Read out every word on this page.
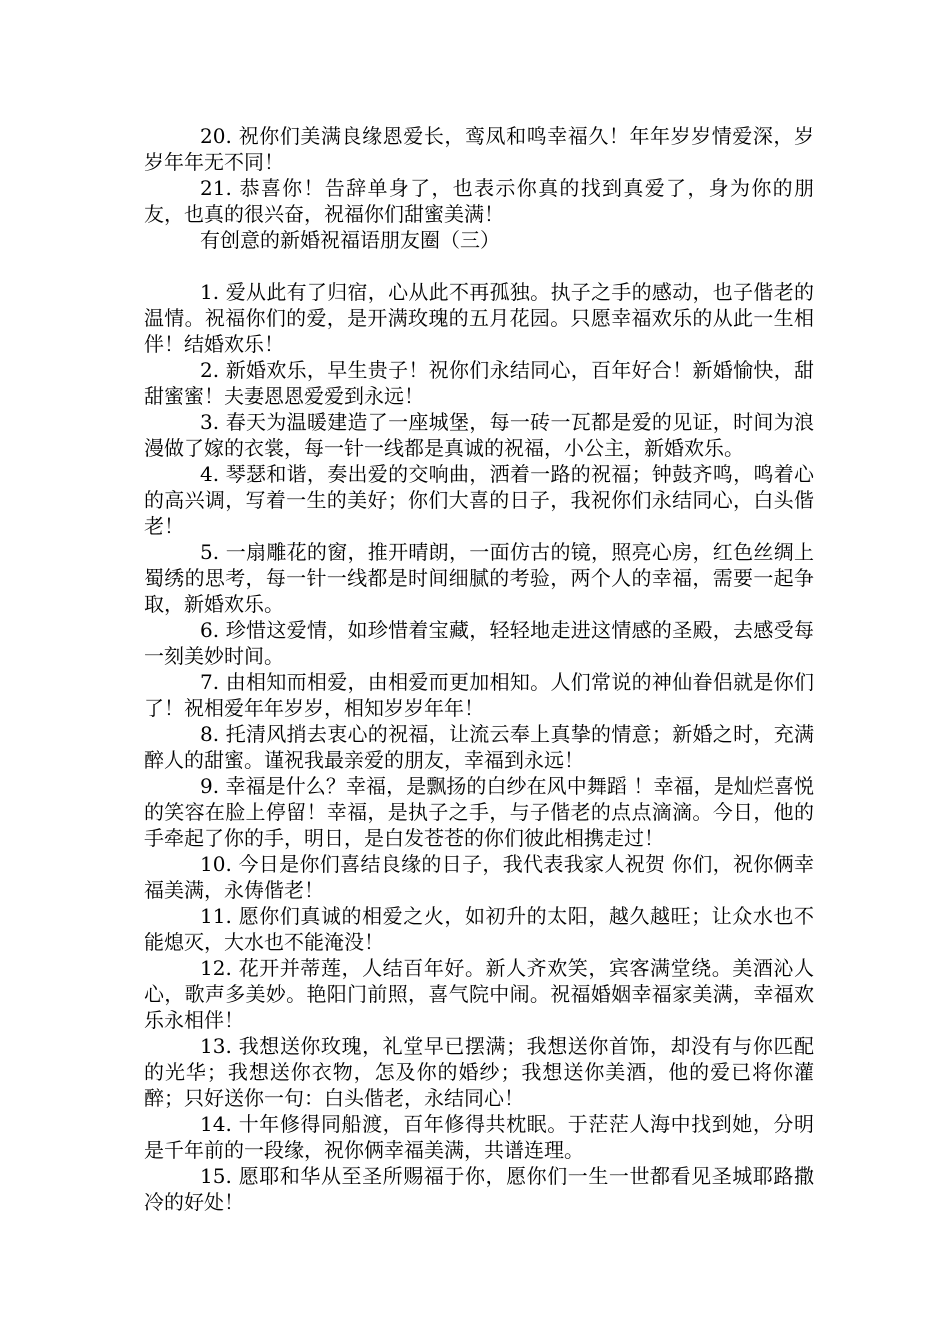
20. 祝你们美满良缘恩爱长，鸾凤和鸣幸福久！年年岁岁情爱深，岁岁年年无不同！

21. 恭喜你！告辞单身了，也表示你真的找到真爱了，身为你的朋友，也真的很兴奋，祝福你们甜蜜美满！

有创意的新婚祝福语朋友圈（三）

1. 爱从此有了归宿，心从此不再孤独。执子之手的感动，也子偕老的温情。祝福你们的爱，是开满玫瑰的五月花园。只愿幸福欢乐的从此一生相伴！结婚欢乐！

2. 新婚欢乐，早生贵子！祝你们永结同心，百年好合！新婚愉快，甜甜蜜蜜！夫妻恩恩爱爱到永远！

3. 春天为温暖建造了一座城堡，每一砖一瓦都是爱的见证，时间为浪漫做了嫁的衣裳，每一针一线都是真诚的祝福，小公主，新婚欢乐。

4. 琴瑟和谐，奏出爱的交响曲，洒着一路的祝福；钟鼓齐鸣，鸣着心的高兴调，写着一生的美好；你们大喜的日子，我祝你们永结同心，白头偕老！

5. 一扇雕花的窗，推开晴朗，一面仿古的镜，照亮心房，红色丝绸上蜀绣的思考，每一针一线都是时间细腻的考验，两个人的幸福，需要一起争取，新婚欢乐。

6. 珍惜这爱情，如珍惜着宝藏，轻轻地走进这情感的圣殿，去感受每一刻美妙时间。

7. 由相知而相爱，由相爱而更加相知。人们常说的神仙眷侣就是你们了！祝相爱年年岁岁，相知岁岁年年！

8. 托清风捎去衷心的祝福，让流云奉上真挚的情意；新婚之时，充满醉人的甜蜜。谨祝我最亲爱的朋友，幸福到永远！

9. 幸福是什么？幸福，是飘扬的白纱在风中舞蹈 ！幸福，是灿烂喜悦的笑容在脸上停留！幸福，是执子之手，与子偕老的点点滴滴。今日，他的手牵起了你的手，明日，是白发苍苍的你们彼此相携走过！

10. 今日是你们喜结良缘的日子，我代表我家人祝贺 你们，祝你俩幸福美满，永俦偕老！

11. 愿你们真诚的相爱之火，如初升的太阳，越久越旺；让众水也不能熄灭，大水也不能淹没！

12. 花开并蒂莲，人结百年好。新人齐欢笑，宾客满堂绕。美酒沁人心，歌声多美妙。艳阳门前照，喜气院中闹。祝福婚姻幸福家美满，幸福欢乐永相伴！

13. 我想送你玫瑰，礼堂早已摆满；我想送你首饰，却没有与你匹配的光华；我想送你衣物，怎及你的婚纱；我想送你美酒，他的爱已将你灌醉；只好送你一句：白头偕老，永结同心！

14. 十年修得同船渡，百年修得共枕眠。于茫茫人海中找到她，分明是千年前的一段缘，祝你俩幸福美满，共谱连理。

15. 愿耶和华从至圣所赐福于你，愿你们一生一世都看见圣城耶路撒冷的好处！
